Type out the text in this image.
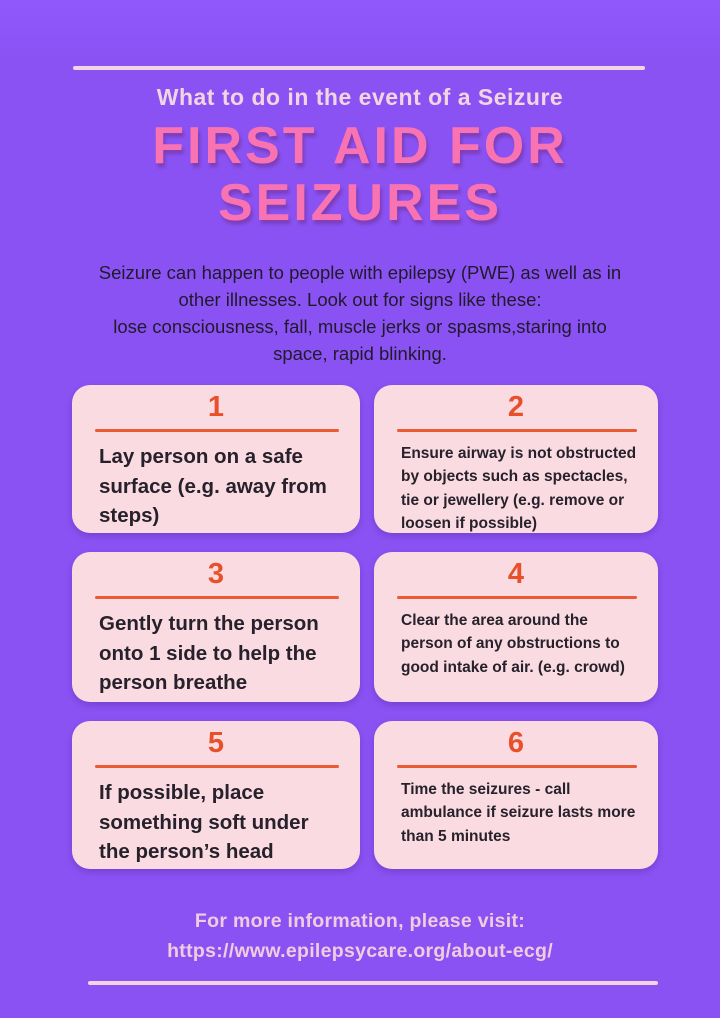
What to do in the event of a Seizure
FIRST AID FOR SEIZURES
Seizure can happen to people with epilepsy (PWE) as well as in
other illnesses. Look out for signs like these:
lose consciousness, fall, muscle jerks or spasms,staring into
space, rapid blinking.
1
Lay person on a safe surface (e.g. away from steps)
2
Ensure airway is not obstructed by objects such as spectacles, tie or jewellery (e.g. remove or loosen if possible)
3
Gently turn the person onto 1 side to help the person breathe
4
Clear the area around the person of any obstructions to good intake of air. (e.g. crowd)
5
If possible, place something soft under the person’s head
6
Time the seizures - call ambulance if seizure lasts more than 5 minutes
For more information, please visit:
https://www.epilepsycare.org/about-ecg/
